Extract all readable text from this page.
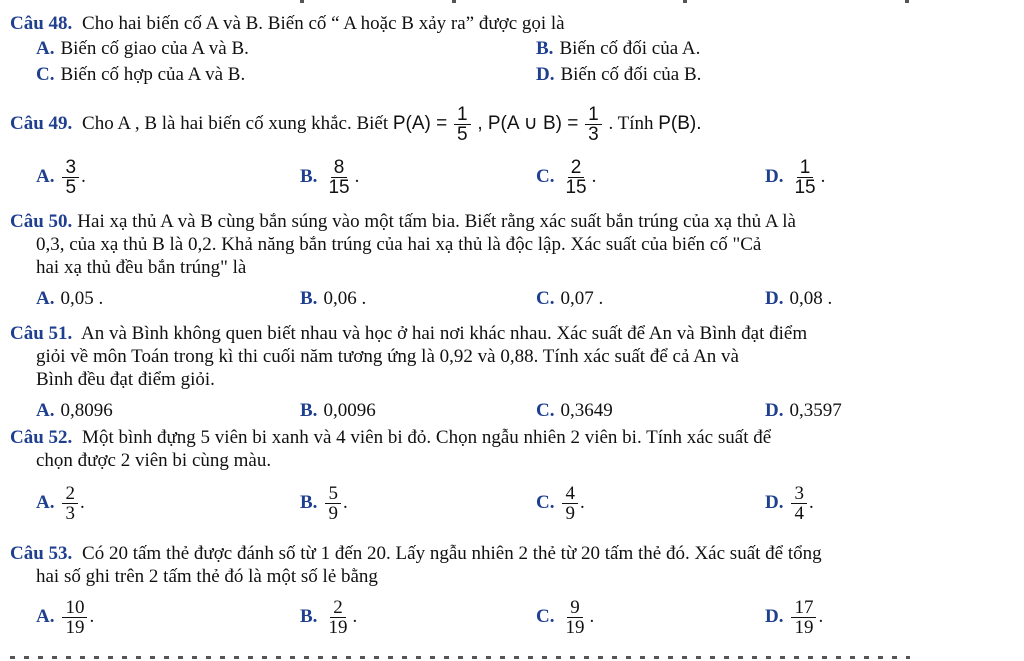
Câu 48. Cho hai biến cố A và B. Biến cố “ A hoặc B xảy ra” được gọi là
A. Biến cố giao của A và B.	B. Biến cố đối của A.
C. Biến cố hợp của A và B.	D. Biến cố đối của B.
Câu 49. Cho A , B là hai biến cố xung khắc. Biết $P(A) = \frac{1}{5}$ , P(A ∪ $B) = \frac{1}{3}$ . Tính P(B).
A. $\frac{3}{5}$ .	B. $\frac{8}{15}$ .	C. $\frac{2}{15}$ .	D. $\frac{1}{15}$ .
Câu 50. Hai xạ thủ A và B cùng bắn súng vào một tấm bia. Biết rằng xác suất bắn trúng của xạ thủ A là
0,3, của xạ thủ B là 0,2. Khả năng bắn trúng của hai xạ thủ là độc lập. Xác suất của biến cố "Cả
hai xạ thủ đều bắn trúng" là
A. 0,05 .	B. 0,06 .	C. 0,07 .	D. 0,08 .
Câu 51. An và Bình không quen biết nhau và học ở hai nơi khác nhau. Xác suất để An và Bình đạt điểm
giỏi về môn Toán trong kì thi cuối năm tương ứng là 0,92 và 0,88. Tính xác suất để cả An và
Bình đều đạt điểm giỏi.
A. 0,8096	B. 0,0096	C. 0,3649	D. 0,3597
Câu 52. Một bình đựng 5 viên bi xanh và 4 viên bi đỏ. Chọn ngẫu nhiên 2 viên bi. Tính xác suất để
chọn được 2 viên bi cùng màu.
A. $\frac{2}{3}$ .	B. $\frac{5}{9}$ .	C. $\frac{4}{9}$ .	D. $\frac{3}{4}$ .
Câu 53. Có 20 tấm thẻ được đánh số từ 1 đến 20. Lấy ngẫu nhiên 2 thẻ từ 20 tấm thẻ đó. Xác suất để tổng
hai số ghi trên 2 tấm thẻ đó là một số lẻ bằng
A. $\frac{10}{19}$ .	B. $\frac{2}{19}$ .	C. $\frac{9}{19}$ .	D. $\frac{17}{19}$ .
